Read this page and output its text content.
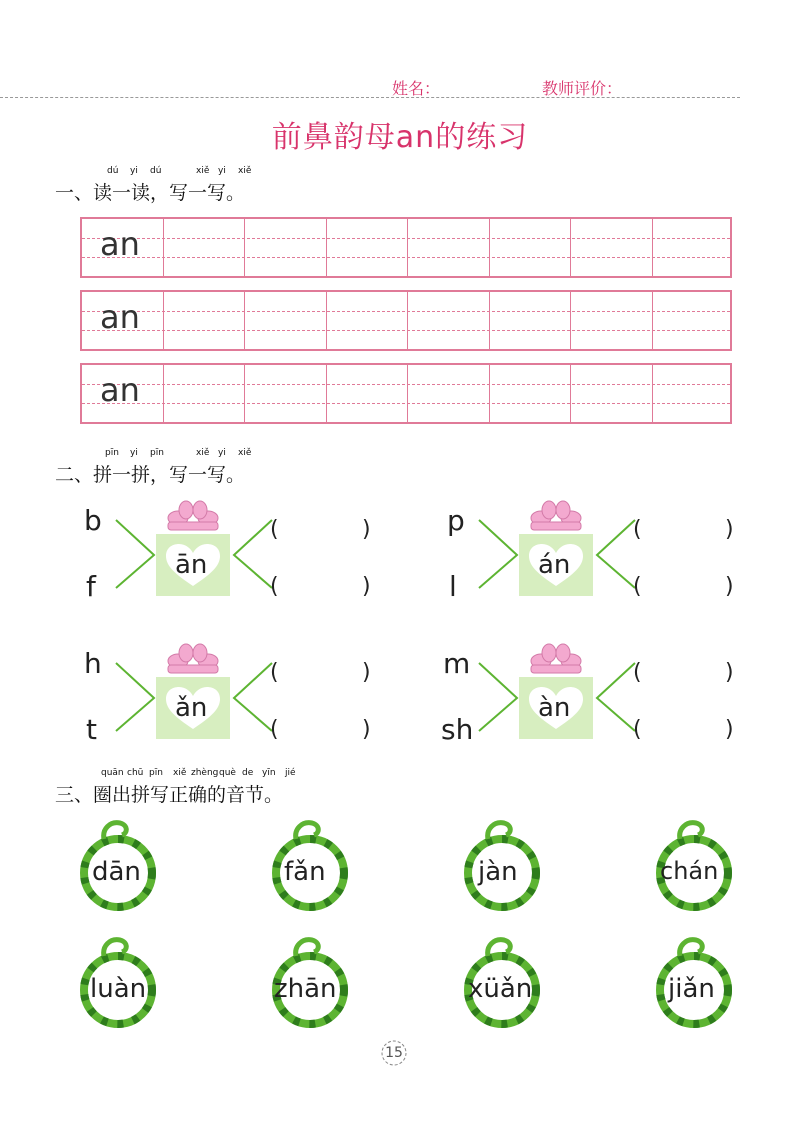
姓名：	教师评价：
前鼻韵母an的练习
dú yi dú	xiě yi xiě
一、读一读，写一写。
an
an
an
pīn yi pīn	xiě yi xiě
二、拼一拼，写一写。
b
f
ān
(	)
(	)
p
l
án
(	)
(	)
h
t
ǎn
(	)
(	)
m
sh
àn
(	)
(	)
quān chū pīn xiě zhèng què de yīn jié
三、圈出拼写正确的音节。
dān	fǎn	jàn	chán
luàn	zhān	xüǎn	jiǎn
15
